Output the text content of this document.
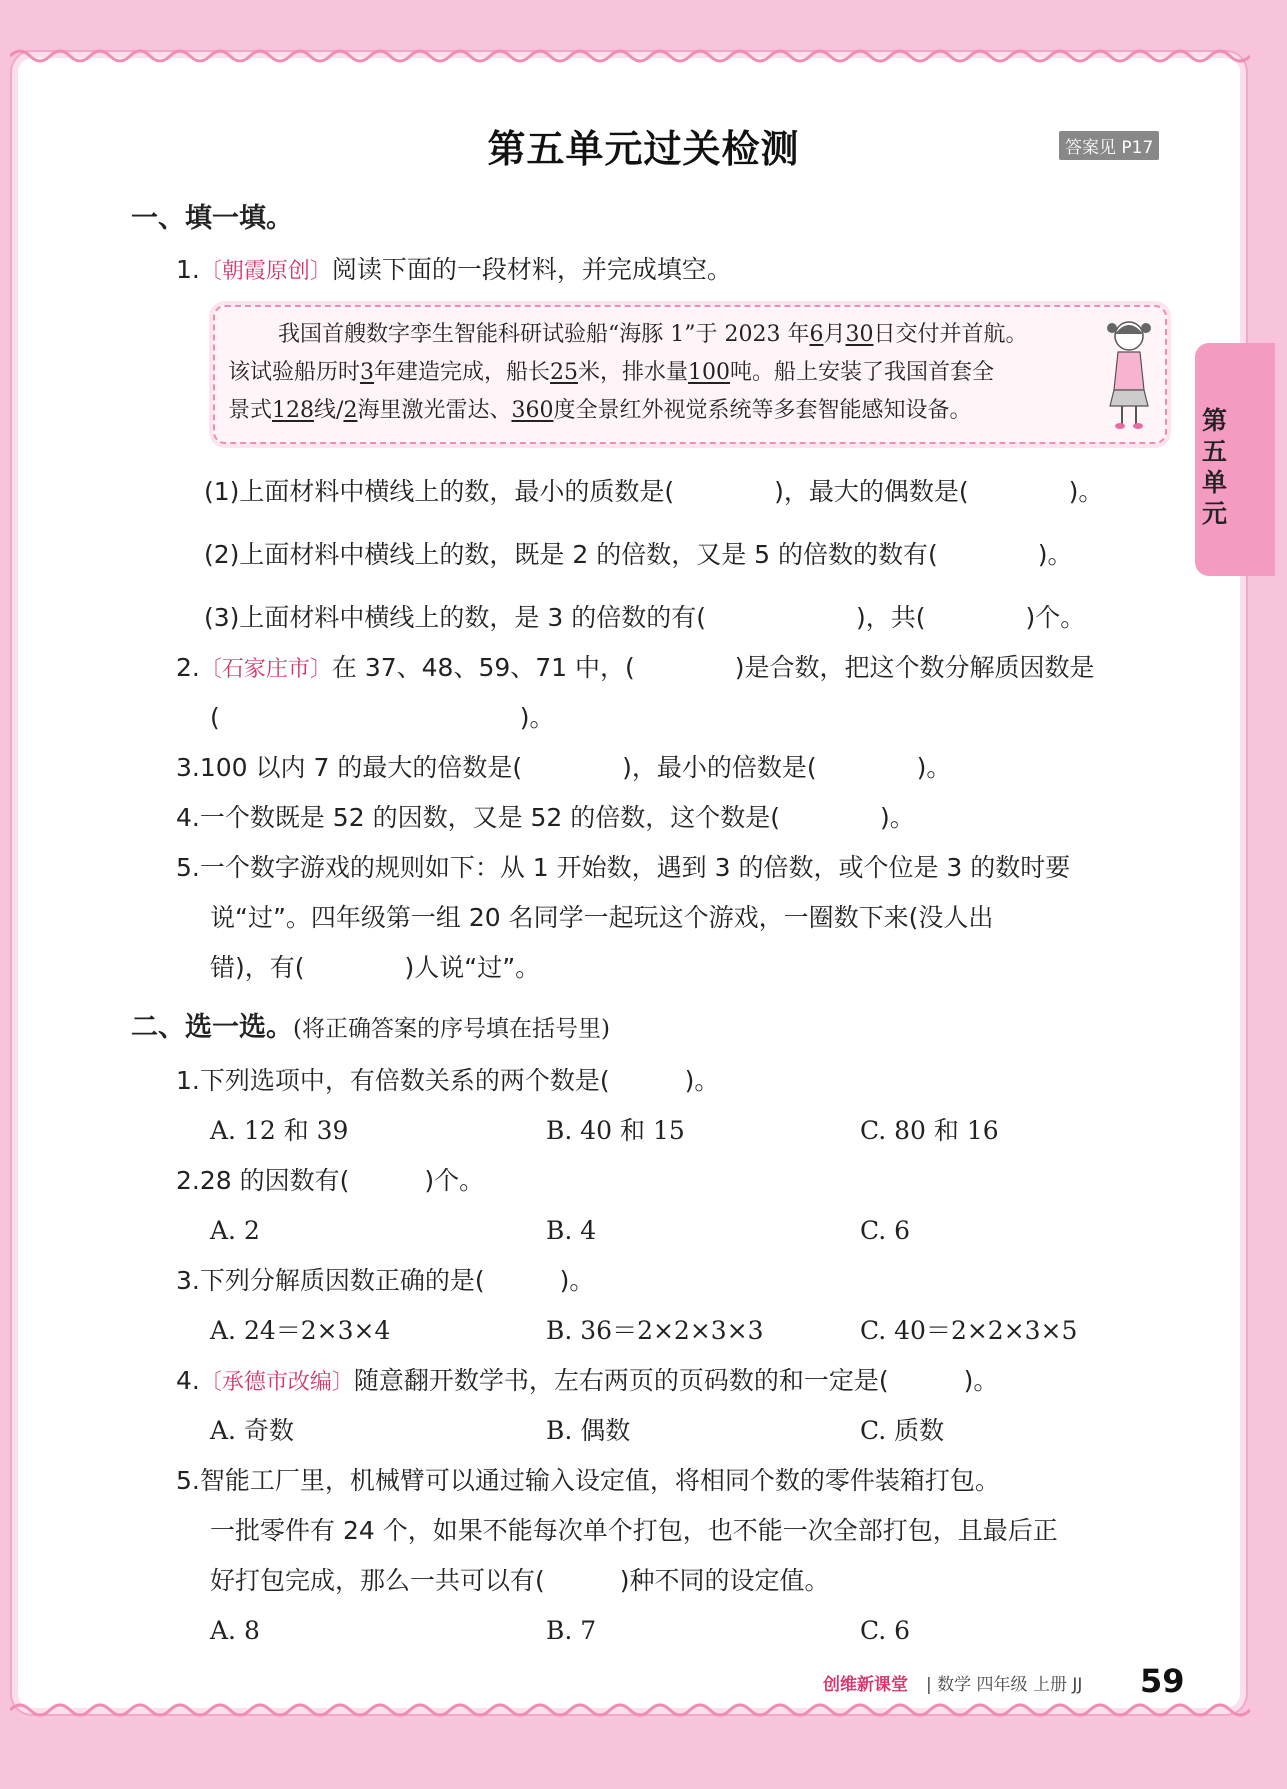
第五单元过关检测	答案见 P17
第五单元
一、填一填。
1.〔朝霞原创〕阅读下面的一段材料，并完成填空。
我国首艘数字孪生智能科研试验船“海豚 1”于 2023 年6月30日交付并首航。
该试验船历时3年建造完成，船长25米，排水量100吨。船上安装了我国首套全
景式128线/2海里激光雷达、360度全景红外视觉系统等多套智能感知设备。
(1)上面材料中横线上的数，最小的质数是(　　　　)，最大的偶数是(　　　　)。
(2)上面材料中横线上的数，既是 2 的倍数，又是 5 的倍数的数有(　　　　)。
(3)上面材料中横线上的数，是 3 的倍数的有(　　　　　　)，共(　　　　)个。
2.〔石家庄市〕在 37、48、59、71 中，(　　　　)是合数，把这个数分解质因数是
(　　　　　　　　　　　　)。
3.100 以内 7 的最大的倍数是(　　　　)，最小的倍数是(　　　　)。
4.一个数既是 52 的因数，又是 52 的倍数，这个数是(　　　　)。
5.一个数字游戏的规则如下：从 1 开始数，遇到 3 的倍数，或个位是 3 的数时要
说“过”。四年级第一组 20 名同学一起玩这个游戏，一圈数下来(没人出
错)，有(　　　　)人说“过”。
二、选一选。(将正确答案的序号填在括号里)
1.下列选项中，有倍数关系的两个数是(　　　)。
A. 12 和 39	B. 40 和 15	C. 80 和 16
2.28 的因数有(　　　)个。
A. 2	B. 4	C. 6
3.下列分解质因数正确的是(　　　)。
A. 24＝2×3×4	B. 36＝2×2×3×3	C. 40＝2×2×3×5
4.〔承德市改编〕随意翻开数学书，左右两页的页码数的和一定是(　　　)。
A. 奇数	B. 偶数	C. 质数
5.智能工厂里，机械臂可以通过输入设定值，将相同个数的零件装箱打包。
一批零件有 24 个，如果不能每次单个打包，也不能一次全部打包，且最后正
好打包完成，那么一共可以有(　　　)种不同的设定值。
A. 8	B. 7	C. 6
创维新课堂 | 数学 四年级 上册 JJ 59
